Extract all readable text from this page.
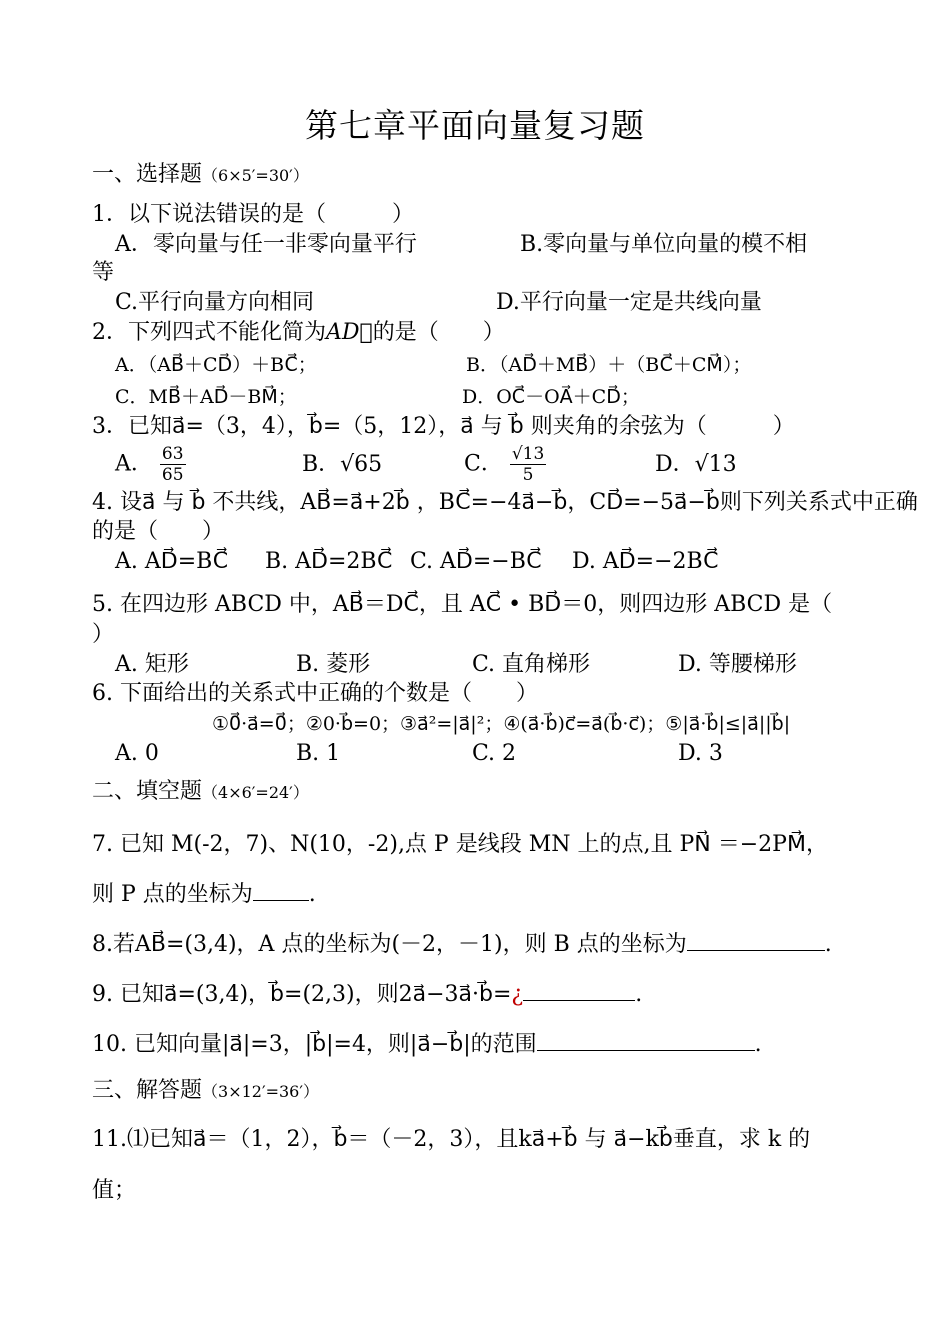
第七章平面向量复习题
一、选择题（6×5′=30′）
1．以下说法错误的是（　　　）
A．零向量与任一非零向量平行	B.零向量与单位向量的模不相
等
C.平行向量方向相同	D.平行向量一定是共线向量
2．下列四式不能化简为AD⃗的是（　　）
A．（AB⃗＋CD⃗）＋BC⃗；	B．（AD⃗＋MB⃗）＋（BC⃗＋CM⃗）；
C．MB⃗＋AD⃗－BM⃗；	D．OC⃗－OA⃗＋CD⃗；
3．已知a⃗=（3，4），b⃗=（5，12），a⃗ 与 b⃗ 则夹角的余弦为（　　　）
A． $\frac{63}{65}$	B．√65	C． $\frac{√13}{5}$	D．√13
4. 设a⃗ 与 b⃗ 不共线，AB⃗=a⃗+2b⃗ ，BC⃗=−4a⃗−b⃗，CD⃗=−5a⃗−b⃗则下列关系式中正确
的是（　　）
A. AD⃗=BC⃗ B. AD⃗=2BC⃗ C. AD⃗=−BC⃗ D. AD⃗=−2BC⃗
5. 在四边形 ABCD 中，AB⃗＝DC⃗，且 AC⃗ • BD⃗＝0，则四边形 ABCD 是（
）
A. 矩形	B. 菱形	C. 直角梯形	D. 等腰梯形
6. 下面给出的关系式中正确的个数是（　　）
①0⃗·a⃗=0⃗；②0·b⃗=0；③a⃗²=|a⃗|²；④(a⃗·b⃗)c⃗=a⃗(b⃗·c⃗)；⑤|a⃗·b⃗|≤|a⃗||b⃗|
A. 0	B. 1	C. 2	D. 3
二、填空题（4×6′=24′）
7. 已知 M(-2，7)、N(10，-2),点 P 是线段 MN 上的点,且 PN⃗ ＝−2PM⃗，
则 P 点的坐标为	.
8.若AB⃗=(3,4)，A 点的坐标为(－2，－1)，则 B 点的坐标为	.
9. 已知a⃗=(3,4)，b⃗=(2,3)，则2a⃗−3a⃗·b⃗=¿	.
10. 已知向量|a⃗|=3，|b⃗|=4，则|a⃗−b⃗|的范围	.
三、解答题（3×12′=36′）
11.⑴已知a⃗＝（1，2），b⃗＝（－2，3），且ka⃗+b⃗ 与 a⃗−kb⃗垂直，求 k 的
值；
